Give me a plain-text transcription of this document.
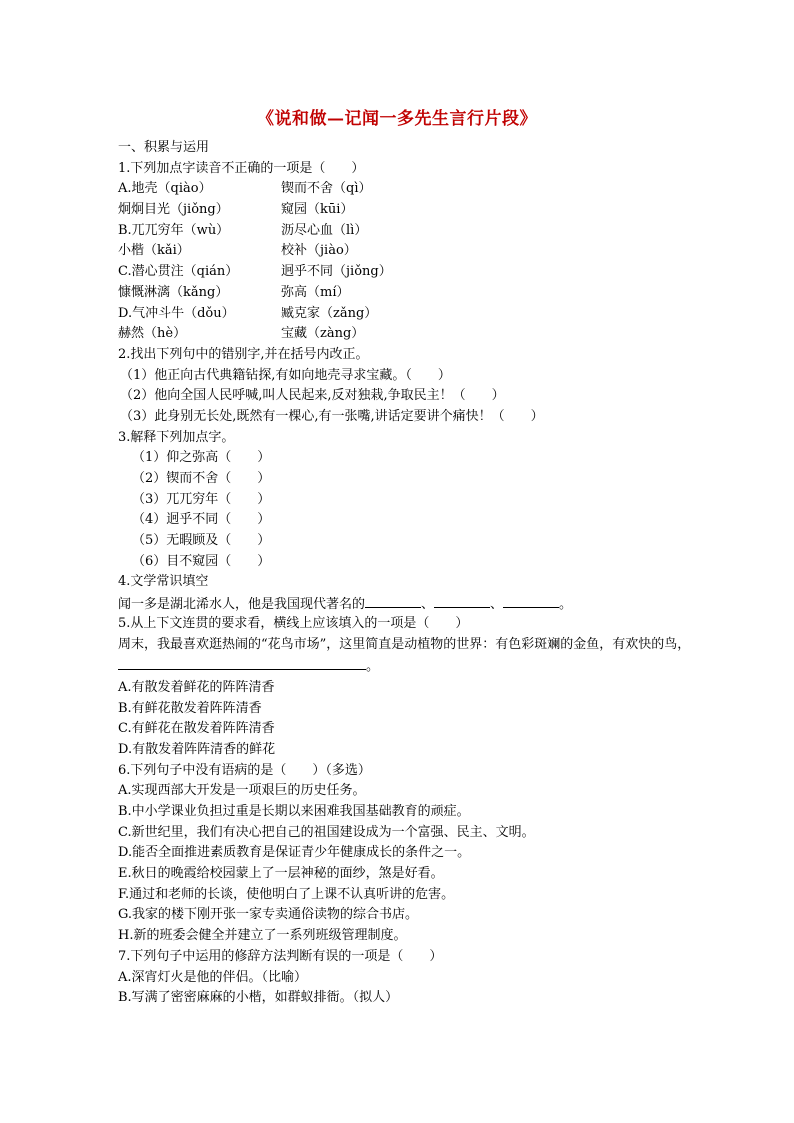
《说和做—记闻一多先生言行片段》
一、积累与运用
1.下列加点字读音不正确的一项是（　　）
A.地壳（qiào）	锲而不舍（qì）
炯炯目光（jiǒng）	窥园（kūi）
B.兀兀穷年（wù）	沥尽心血（lì）
小楷（kǎi）	校补（jiào）
C.潜心贯注（qián）	迥乎不同（jiǒng）
慷慨淋漓（kǎng）	弥高（mí）
D.气冲斗牛（dǒu）	臧克家（zǎng）
赫然（hè）	宝藏（zàng）
2.找出下列句中的错别字,并在括号内改正。
（1）他正向古代典籍钻探,有如向地壳寻求宝藏。（　　）
（2）他向全国人民呼喊,叫人民起来,反对独栽,争取民主！（　　）
（3）此身别无长处,既然有一棵心,有一张嘴,讲话定要讲个痛快！（　　）
3.解释下列加点字。
（1）仰之弥高（　　）
（2）锲而不舍（　　）
（3）兀兀穷年（　　）
（4）迥乎不同（　　）
（5）无暇顾及（　　）
（6）目不窥园（　　）
4.文学常识填空
闻一多是湖北浠水人，他是我国现代著名的	、	、	。
5.从上下文连贯的要求看，横线上应该填入的一项是（　　）
周末，我最喜欢逛热闹的“花鸟市场”，这里简直是动植物的世界：有色彩斑斓的金鱼，有欢快的鸟，。
A.有散发着鲜花的阵阵清香
B.有鲜花散发着阵阵清香
C.有鲜花在散发着阵阵清香
D.有散发着阵阵清香的鲜花
6.下列句子中没有语病的是（　　）（多选）
A.实现西部大开发是一项艰巨的历史任务。
B.中小学课业负担过重是长期以来困难我国基础教育的顽症。
C.新世纪里，我们有决心把自己的祖国建设成为一个富强、民主、文明。
D.能否全面推进素质教育是保证青少年健康成长的条件之一。
E.秋日的晚霞给校园蒙上了一层神秘的面纱，煞是好看。
F.通过和老师的长谈，使他明白了上课不认真听讲的危害。
G.我家的楼下刚开张一家专卖通俗读物的综合书店。
H.新的班委会健全并建立了一系列班级管理制度。
7.下列句子中运用的修辞方法判断有误的一项是（　　）
A.深宵灯火是他的伴侣。（比喻）
B.写满了密密麻麻的小楷，如群蚁排衙。（拟人）
